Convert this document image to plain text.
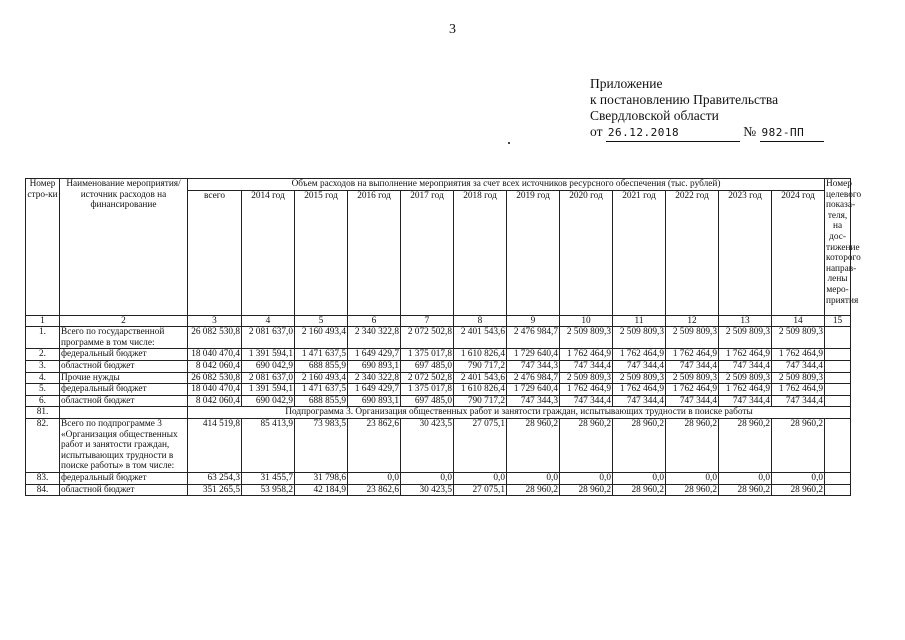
3
Приложение
к постановлению Правительства
Свердловской области
от 26.12.2018	№ 982-ПП
Номер стро-ки	Наименование мероприятия/ источник расходов на финансирование	Объем расходов на выполнение мероприятия за счет всех источников ресурсного обеспечения (тыс. рублей)												Номер целевого показа-теля, на дос-тижение которого направ-лены меро-приятия
		всего	2014 год	2015 год	2016 год	2017 год	2018 год	2019 год	2020 год	2021 год	2022 год	2023 год	2024 год	
1	2	3	4	5	6	7	8	9	10	11	12	13	14	15
1.	Всего по государственной программе в том числе:	26 082 530,8	2 081 637,0	2 160 493,4	2 340 322,8	2 072 502,8	2 401 543,6	2 476 984,7	2 509 809,3	2 509 809,3	2 509 809,3	2 509 809,3	2 509 809,3	
2.	федеральный бюджет	18 040 470,4	1 391 594,1	1 471 637,5	1 649 429,7	1 375 017,8	1 610 826,4	1 729 640,4	1 762 464,9	1 762 464,9	1 762 464,9	1 762 464,9	1 762 464,9	
3.	областной бюджет	8 042 060,4	690 042,9	688 855,9	690 893,1	697 485,0	790 717,2	747 344,3	747 344,4	747 344,4	747 344,4	747 344,4	747 344,4	
4.	Прочие нужды	26 082 530,8	2 081 637,0	2 160 493,4	2 340 322,8	2 072 502,8	2 401 543,6	2 476 984,7	2 509 809,3	2 509 809,3	2 509 809,3	2 509 809,3	2 509 809,3	
5.	федеральный бюджет	18 040 470,4	1 391 594,1	1 471 637,5	1 649 429,7	1 375 017,8	1 610 826,4	1 729 640,4	1 762 464,9	1 762 464,9	1 762 464,9	1 762 464,9	1 762 464,9	
6.	областной бюджет	8 042 060,4	690 042,9	688 855,9	690 893,1	697 485,0	790 717,2	747 344,3	747 344,4	747 344,4	747 344,4	747 344,4	747 344,4	
81.		Подпрограмма 3. Организация общественных работ и занятости граждан, испытывающих трудности в поиске работы												
82.	Всего по подпрограмме 3 «Организация общественных работ и занятости граждан, испытывающих трудности в поиске работы» в том числе:	414 519,8	85 413,9	73 983,5	23 862,6	30 423,5	27 075,1	28 960,2	28 960,2	28 960,2	28 960,2	28 960,2	28 960,2	
83.	федеральный бюджет	63 254,3	31 455,7	31 798,6	0,0	0,0	0,0	0,0	0,0	0,0	0,0	0,0	0,0	
84.	областной бюджет	351 265,5	53 958,2	42 184,9	23 862,6	30 423,5	27 075,1	28 960,2	28 960,2	28 960,2	28 960,2	28 960,2	28 960,2	
